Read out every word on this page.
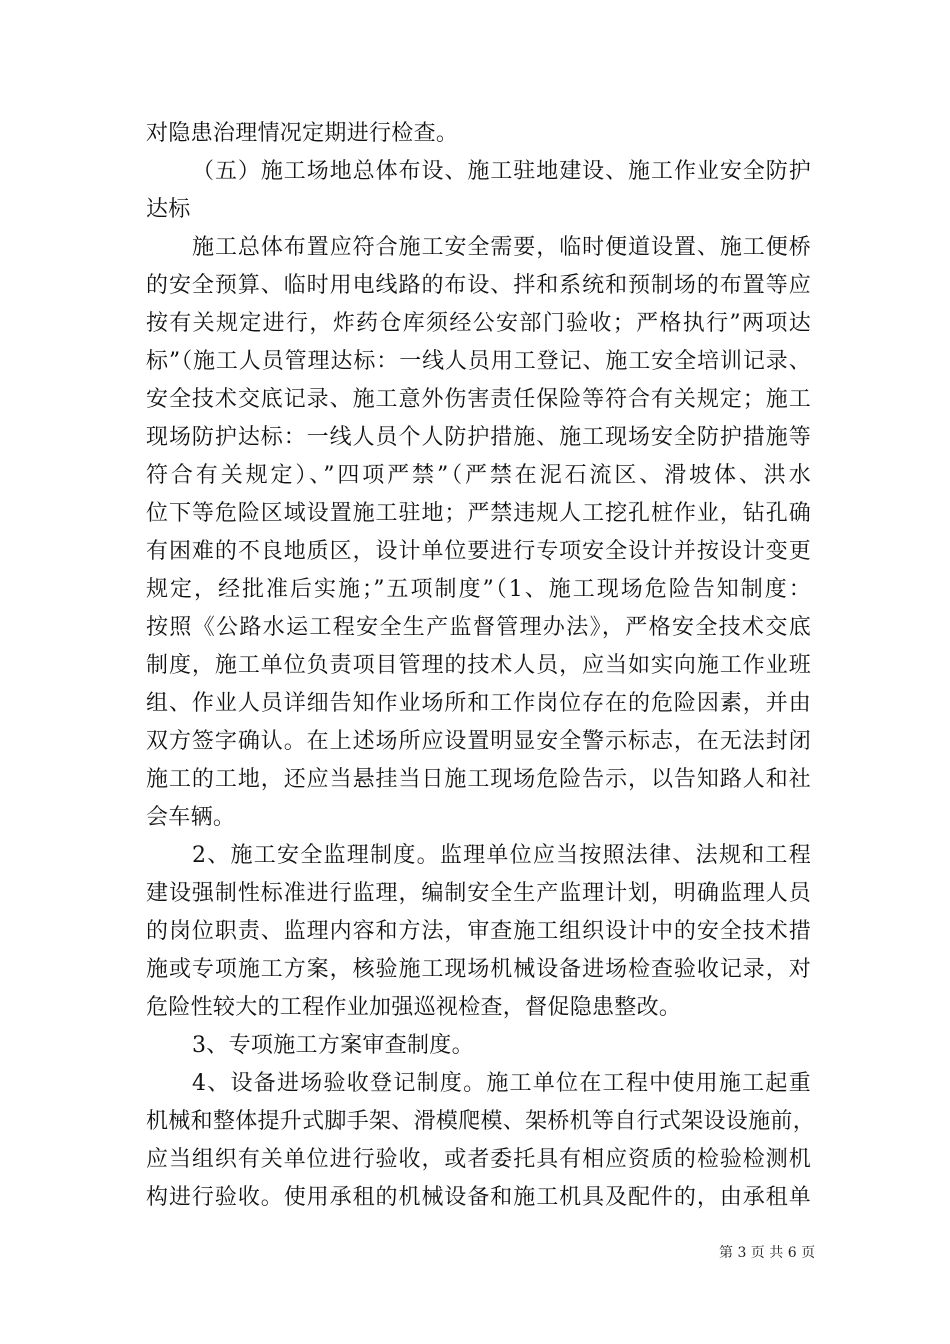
对隐患治理情况定期进行检查。
（五）施工场地总体布设、施工驻地建设、施工作业安全防护
达标
施工总体布置应符合施工安全需要，临时便道设置、施工便桥
的安全预算、临时用电线路的布设、拌和系统和预制场的布置等应
按有关规定进行，炸药仓库须经公安部门验收；严格执行”两项达
标”（施工人员管理达标：一线人员用工登记、施工安全培训记录、
安全技术交底记录、施工意外伤害责任保险等符合有关规定；施工
现场防护达标：一线人员个人防护措施、施工现场安全防护措施等
符合有关规定）、”四项严禁”（严禁在泥石流区、滑坡体、洪水
位下等危险区域设置施工驻地；严禁违规人工挖孔桩作业，钻孔确
有困难的不良地质区，设计单位要进行专项安全设计并按设计变更
规定，经批准后实施；”五项制度”（1、施工现场危险告知制度：
按照《公路水运工程安全生产监督管理办法》，严格安全技术交底
制度，施工单位负责项目管理的技术人员，应当如实向施工作业班
组、作业人员详细告知作业场所和工作岗位存在的危险因素，并由
双方签字确认。在上述场所应设置明显安全警示标志，在无法封闭
施工的工地，还应当悬挂当日施工现场危险告示，以告知路人和社
会车辆。
2、施工安全监理制度。监理单位应当按照法律、法规和工程
建设强制性标准进行监理，编制安全生产监理计划，明确监理人员
的岗位职责、监理内容和方法，审查施工组织设计中的安全技术措
施或专项施工方案，核验施工现场机械设备进场检查验收记录，对
危险性较大的工程作业加强巡视检查，督促隐患整改。
3、专项施工方案审查制度。
4、设备进场验收登记制度。施工单位在工程中使用施工起重
机械和整体提升式脚手架、滑模爬模、架桥机等自行式架设设施前，
应当组织有关单位进行验收，或者委托具有相应资质的检验检测机
构进行验收。使用承租的机械设备和施工机具及配件的，由承租单
第 3 页 共 6 页
